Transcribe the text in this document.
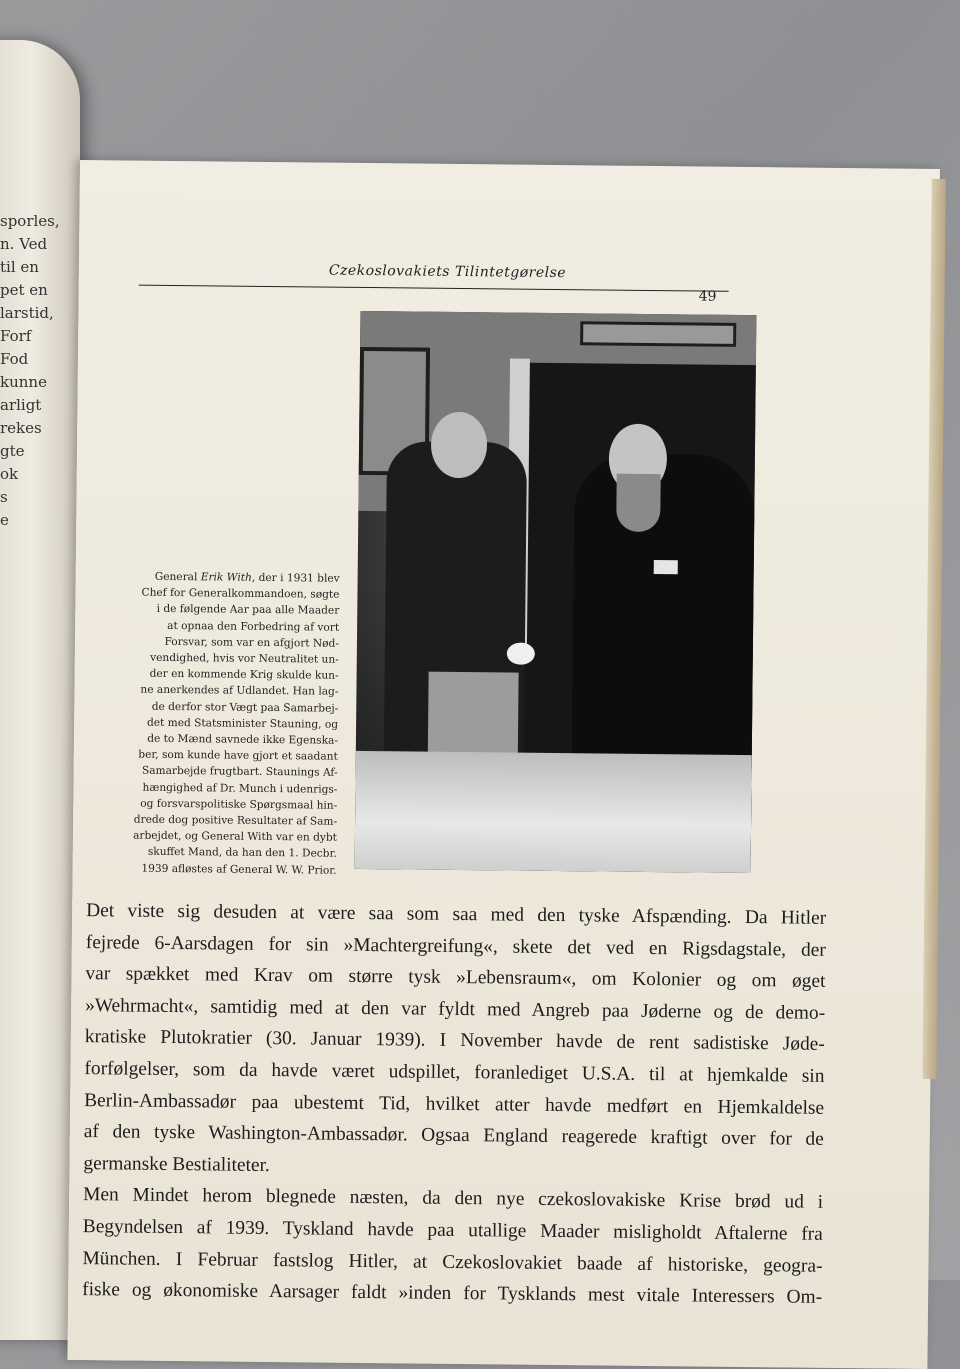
sporles,
n. Ved
til en
pet en
larstid,
Forf
Fod
kunne
arligt
rekes
gte
ok
s
e
Czekoslovakiets Tilintetgørelse
49
General Erik With, der i 1931 blev
Chef for Generalkommandoen, søgte
i de følgende Aar paa alle Maader
at opnaa den Forbedring af vort
Forsvar, som var en afgjort Nød-
vendighed, hvis vor Neutralitet un-
der en kommende Krig skulde kun-
ne anerkendes af Udlandet. Han lag-
de derfor stor Vægt paa Samarbej-
det med Statsminister Stauning, og
de to Mænd savnede ikke Egenska-
ber, som kunde have gjort et saadant
Samarbejde frugtbart. Staunings Af-
hængighed af Dr. Munch i udenrigs-
og forsvarspolitiske Spørgsmaal hin-
drede dog positive Resultater af Sam-
arbejdet, og General With var en dybt
skuffet Mand, da han den 1. Decbr.
1939 afløstes af General W. W. Prior.
Det viste sig desuden at være saa som saa med den tyske Afspænding. Da Hitler
fejrede 6-Aarsdagen for sin »Machtergreifung«, skete det ved en Rigsdagstale, der
var spækket med Krav om større tysk »Lebensraum«, om Kolonier og om øget
»Wehrmacht«, samtidig med at den var fyldt med Angreb paa Jøderne og de demo-
kratiske Plutokratier (30. Januar 1939). I November havde de rent sadistiske Jøde-
forfølgelser, som da havde været udspillet, foranlediget U.S.A. til at hjemkalde sin
Berlin-Ambassadør paa ubestemt Tid, hvilket atter havde medført en Hjemkaldelse
af den tyske Washington-Ambassadør. Ogsaa England reagerede kraftigt over for de
germanske Bestialiteter.
Men Mindet herom blegnede næsten, da den nye czekoslovakiske Krise brød ud i
Begyndelsen af 1939. Tyskland havde paa utallige Maader misligholdt Aftalerne fra
München. I Februar fastslog Hitler, at Czekoslovakiet baade af historiske, geogra-
fiske og økonomiske Aarsager faldt »inden for Tysklands mest vitale Interessers Om-
